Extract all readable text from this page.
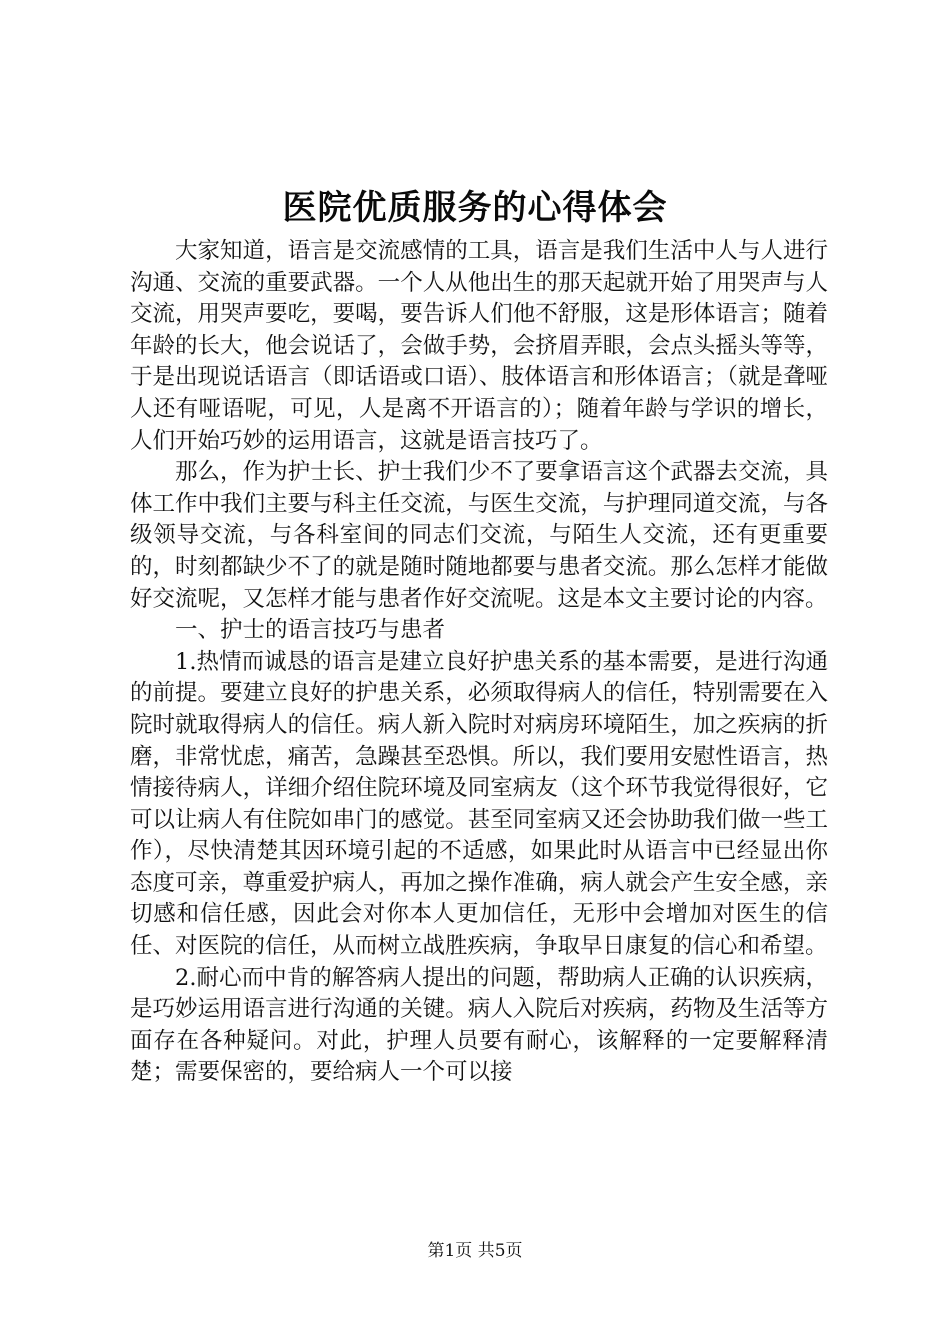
医院优质服务的心得体会

大家知道，语言是交流感情的工具，语言是我们生活中人与人进行沟通、交流的重要武器。一个人从他出生的那天起就开始了用哭声与人交流，用哭声要吃，要喝，要告诉人们他不舒服，这是形体语言；随着年龄的长大，他会说话了，会做手势，会挤眉弄眼，会点头摇头等等，于是出现说话语言（即话语或口语）、肢体语言和形体语言；（就是聋哑人还有哑语呢，可见，人是离不开语言的）；随着年龄与学识的增长，人们开始巧妙的运用语言，这就是语言技巧了。

那么，作为护士长、护士我们少不了要拿语言这个武器去交流，具体工作中我们主要与科主任交流，与医生交流，与护理同道交流，与各级领导交流，与各科室间的同志们交流，与陌生人交流，还有更重要的，时刻都缺少不了的就是随时随地都要与患者交流。那么怎样才能做好交流呢，又怎样才能与患者作好交流呢。这是本文主要讨论的内容。

一、护士的语言技巧与患者

1.热情而诚恳的语言是建立良好护患关系的基本需要，是进行沟通的前提。要建立良好的护患关系，必须取得病人的信任，特别需要在入院时就取得病人的信任。病人新入院时对病房环境陌生，加之疾病的折磨，非常忧虑，痛苦，急躁甚至恐惧。所以，我们要用安慰性语言，热情接待病人，详细介绍住院环境及同室病友（这个环节我觉得很好，它可以让病人有住院如串门的感觉。甚至同室病又还会协助我们做一些工作），尽快清楚其因环境引起的不适感，如果此时从语言中已经显出你态度可亲，尊重爱护病人，再加之操作准确，病人就会产生安全感，亲切感和信任感，因此会对你本人更加信任，无形中会增加对医生的信任、对医院的信任，从而树立战胜疾病，争取早日康复的信心和希望。

2.耐心而中肯的解答病人提出的问题，帮助病人正确的认识疾病，是巧妙运用语言进行沟通的关键。病人入院后对疾病，药物及生活等方面存在各种疑问。对此，护理人员要有耐心，该解释的一定要解释清楚；需要保密的，要给病人一个可以接

第1页 共5页
